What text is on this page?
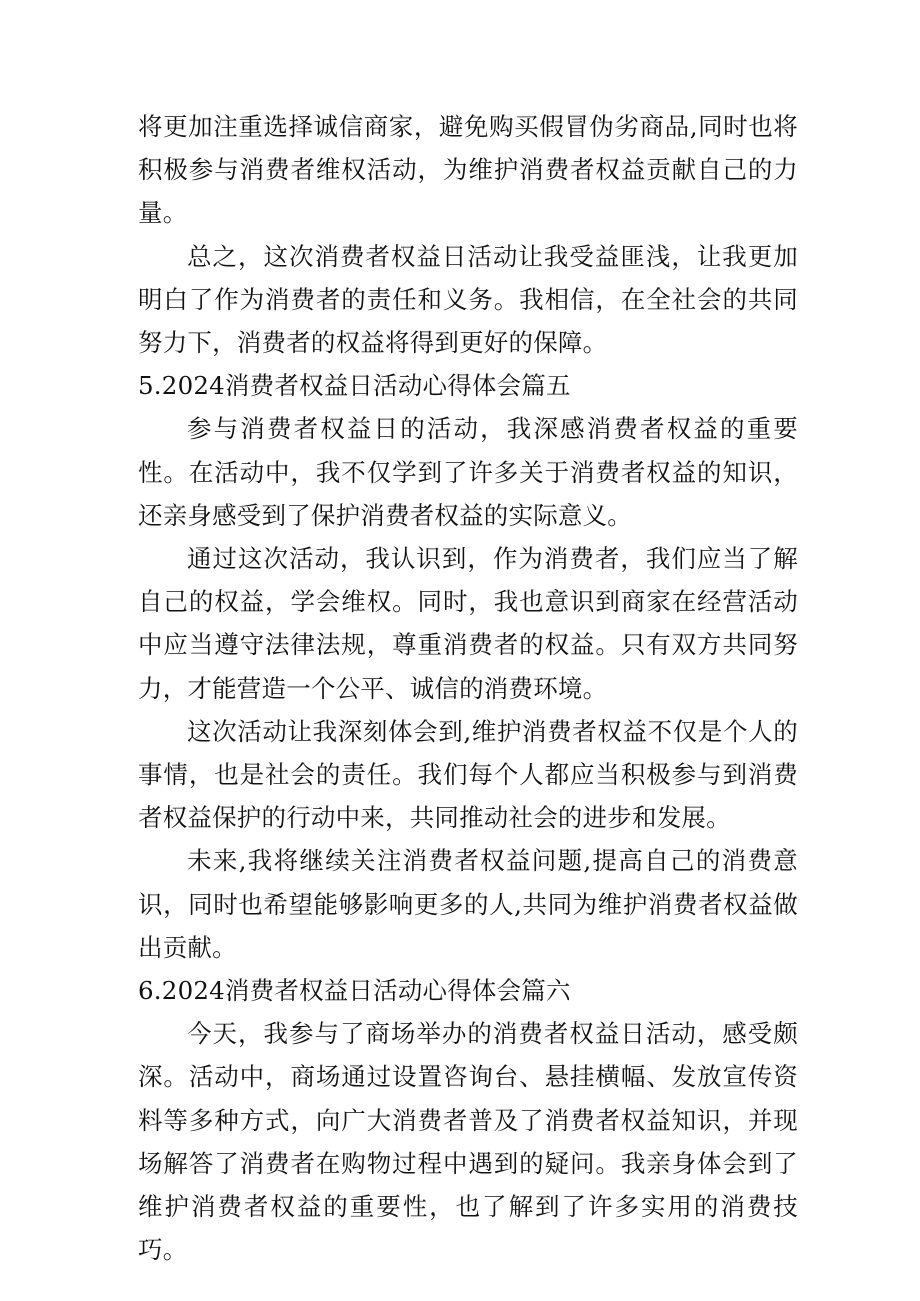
将更加注重选择诚信商家，避免购买假冒伪劣商品,同时也将积极参与消费者维权活动，为维护消费者权益贡献自己的力量。

总之，这次消费者权益日活动让我受益匪浅，让我更加明白了作为消费者的责任和义务。我相信，在全社会的共同努力下，消费者的权益将得到更好的保障。

5.2024消费者权益日活动心得体会篇五

参与消费者权益日的活动，我深感消费者权益的重要性。在活动中，我不仅学到了许多关于消费者权益的知识，还亲身感受到了保护消费者权益的实际意义。

通过这次活动，我认识到，作为消费者，我们应当了解自己的权益，学会维权。同时，我也意识到商家在经营活动中应当遵守法律法规，尊重消费者的权益。只有双方共同努力，才能营造一个公平、诚信的消费环境。

这次活动让我深刻体会到,维护消费者权益不仅是个人的事情，也是社会的责任。我们每个人都应当积极参与到消费者权益保护的行动中来，共同推动社会的进步和发展。

未来,我将继续关注消费者权益问题,提高自己的消费意识，同时也希望能够影响更多的人,共同为维护消费者权益做出贡献。

6.2024消费者权益日活动心得体会篇六

今天，我参与了商场举办的消费者权益日活动，感受颇深。活动中，商场通过设置咨询台、悬挂横幅、发放宣传资料等多种方式，向广大消费者普及了消费者权益知识，并现场解答了消费者在购物过程中遇到的疑问。我亲身体会到了维护消费者权益的重要性，也了解到了许多实用的消费技巧。
